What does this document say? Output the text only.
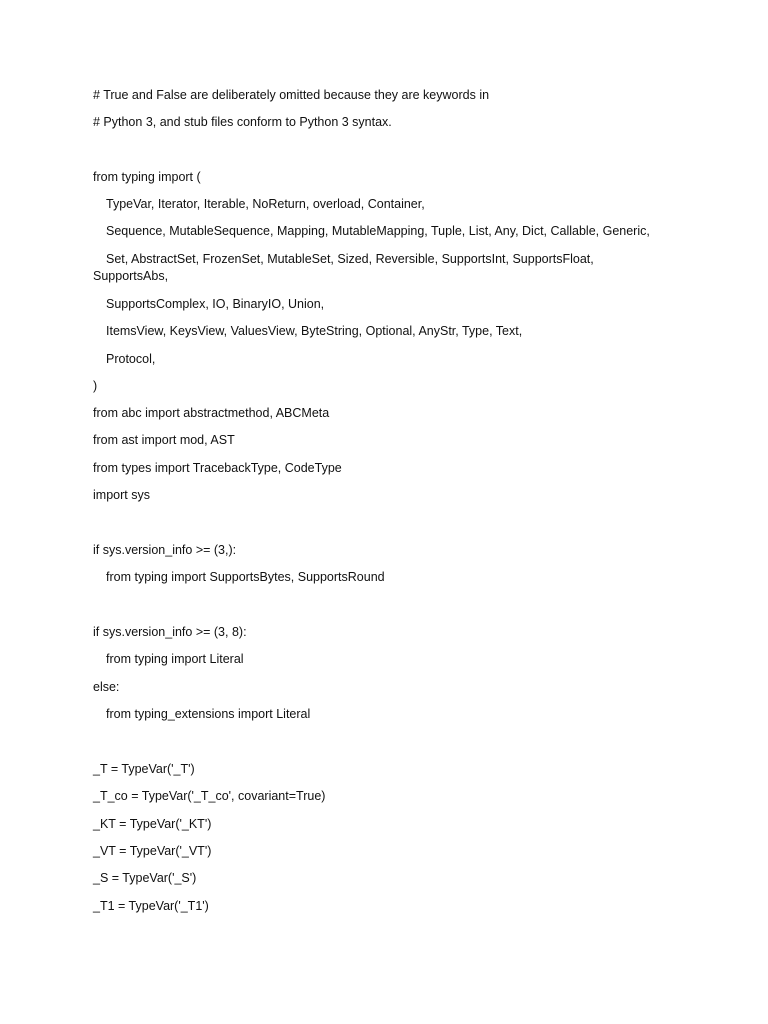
# True and False are deliberately omitted because they are keywords in

# Python 3, and stub files conform to Python 3 syntax.

from typing import (

TypeVar, Iterator, Iterable, NoReturn, overload, Container,

Sequence, MutableSequence, Mapping, MutableMapping, Tuple, List, Any, Dict, Callable, Generic,

Set, AbstractSet, FrozenSet, MutableSet, Sized, Reversible, SupportsInt, SupportsFloat,

SupportsAbs,

SupportsComplex, IO, BinaryIO, Union,

ItemsView, KeysView, ValuesView, ByteString, Optional, AnyStr, Type, Text,

Protocol,

)

from abc import abstractmethod, ABCMeta

from ast import mod, AST

from types import TracebackType, CodeType

import sys

if sys.version_info >= (3,):

from typing import SupportsBytes, SupportsRound

if sys.version_info >= (3, 8):

from typing import Literal

else:

from typing_extensions import Literal

_T = TypeVar('_T')

_T_co = TypeVar('_T_co', covariant=True)

_KT = TypeVar('_KT')

_VT = TypeVar('_VT')

_S = TypeVar('_S')

_T1 = TypeVar('_T1')
